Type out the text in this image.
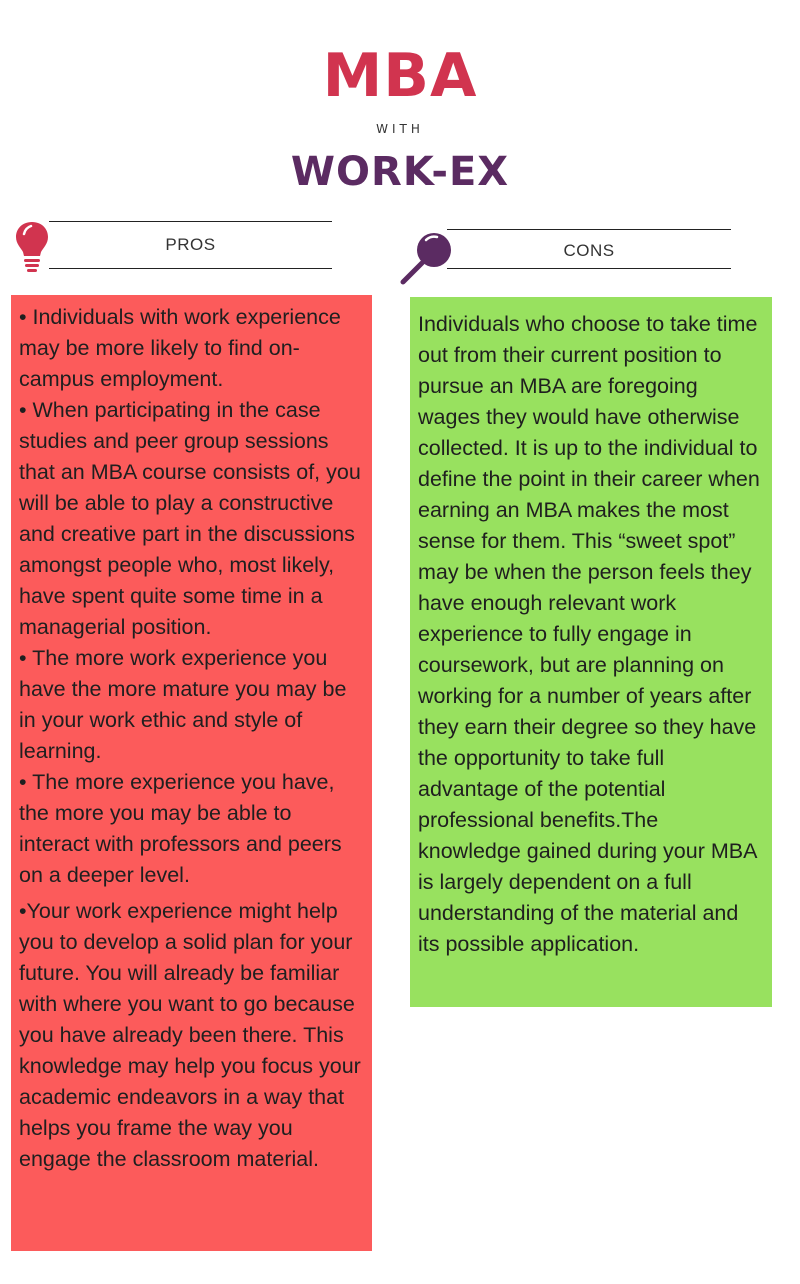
MBA
WITH
WORK-EX
PROS	CONS

• Individuals with work experience may be more likely to find on-campus employment.

• When participating in the case studies and peer group sessions that an MBA course consists of, you will be able to play a constructive and creative part in the discussions amongst people who, most likely, have spent quite some time in a managerial position.

• The more work experience you have the more mature you may be in your work ethic and style of learning.

• The more experience you have, the more you may be able to interact with professors and peers on a deeper level.

•Your work experience might help you to develop a solid plan for your future. You will already be familiar with where you want to go because you have already been there. This knowledge may help you focus your academic endeavors in a way that helps you frame the way you engage the classroom material.

Individuals who choose to take time out from their current position to pursue an MBA are foregoing wages they would have otherwise collected. It is up to the individual to define the point in their career when earning an MBA makes the most sense for them. This “sweet spot” may be when the person feels they have enough relevant work experience to fully engage in coursework, but are planning on working for a number of years after they earn their degree so they have the opportunity to take full advantage of the potential professional benefits.The knowledge gained during your MBA is largely dependent on a full understanding of the material and its possible application.
